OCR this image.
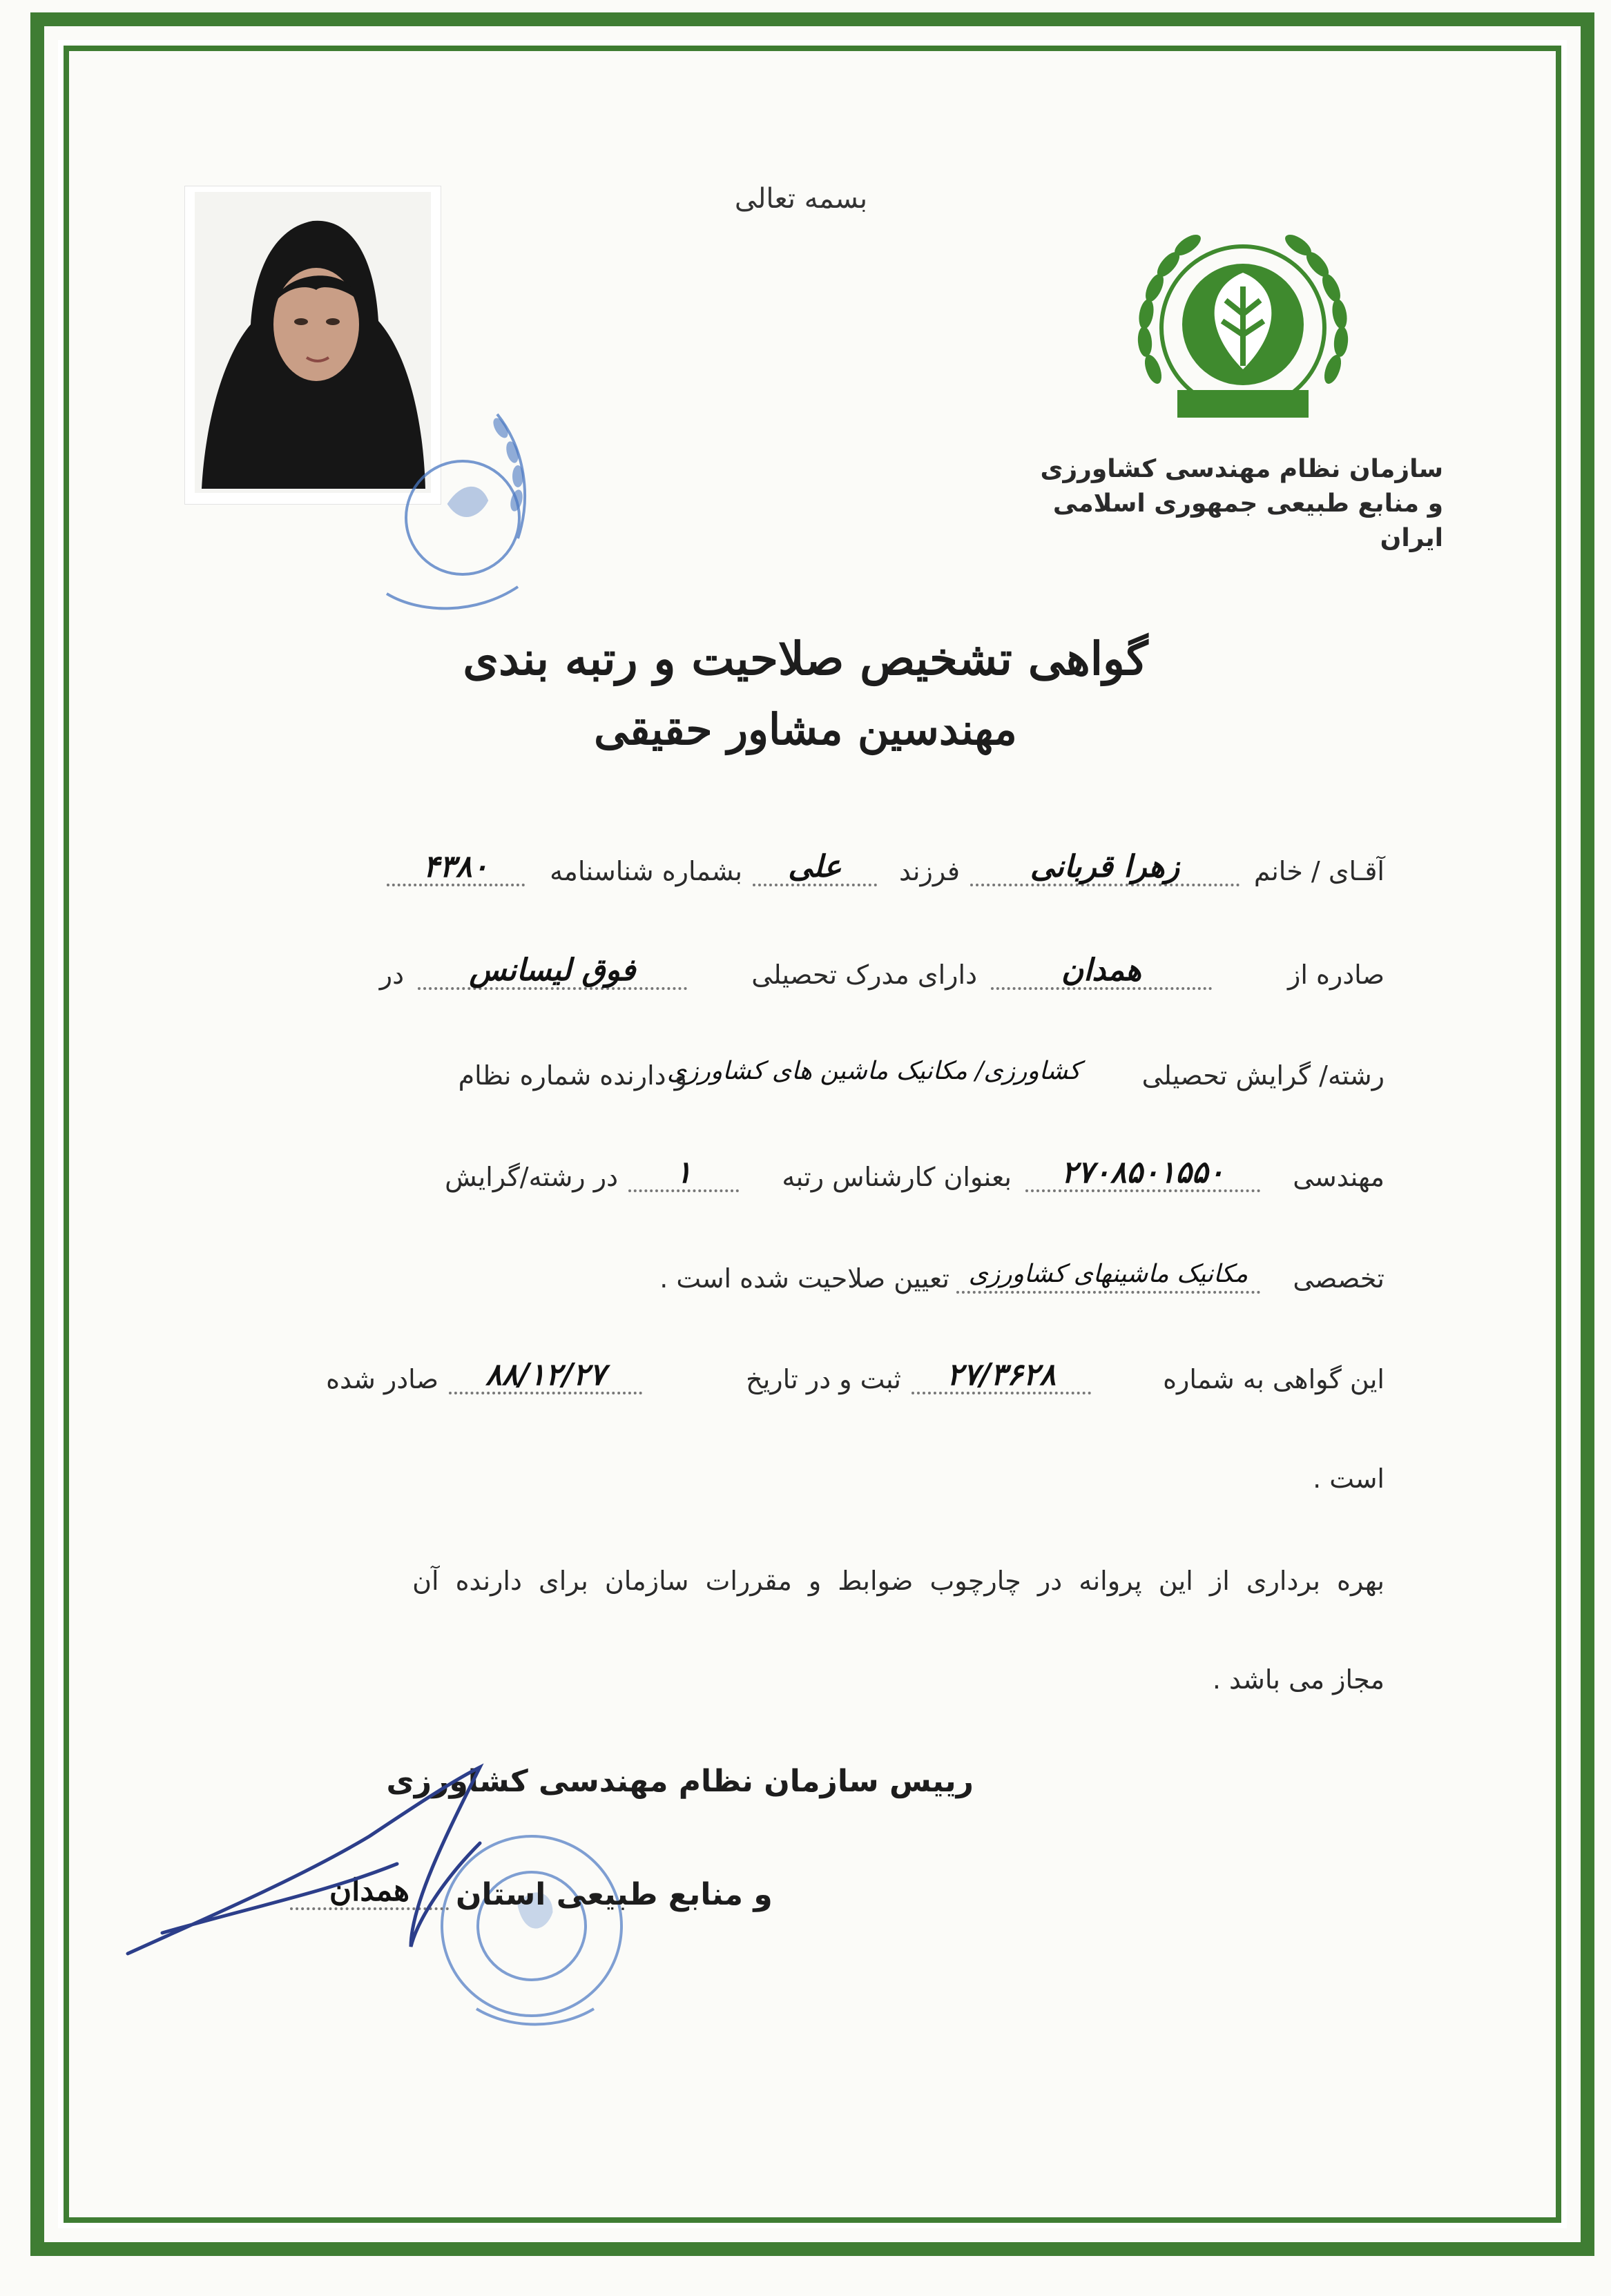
بسمه تعالی
سازمان نظام مهندسی کشاورزی
و منابع طبیعی جمهوری اسلامی ایران
گواهی تشخیص صلاحیت و رتبه بندی
مهندسین مشاور حقیقی
آقـای / خانم
زهرا قربانی
فرزند
علی
بشماره شناسنامه
۴۳۸۰
صادره از
همدان
دارای مدرک تحصیلی
فوق لیسانس
در
رشته/ گرایش تحصیلی
کشاورزی/ مکانیک ماشین های کشاورزی
و دارنده شماره نظام
مهندسی
۲۷۰۸۵۰۱۵۵۰
بعنوان کارشناس رتبه
۱
در رشته/گرایش
تخصصی
مکانیک ماشینهای کشاورزی
تعیین صلاحیت شده است .
این گواهی به شماره
۲۷/۳۶۲۸
ثبت و در تاریخ
۸۸/۱۲/۲۷
صادر شده
است .
بهره برداری از این پروانه در چارچوب ضوابط و مقررات سازمان برای دارنده آن
مجاز می باشد .
رییس سازمان نظام مهندسی کشاورزی
و منابع طبیعی استان
همدان
